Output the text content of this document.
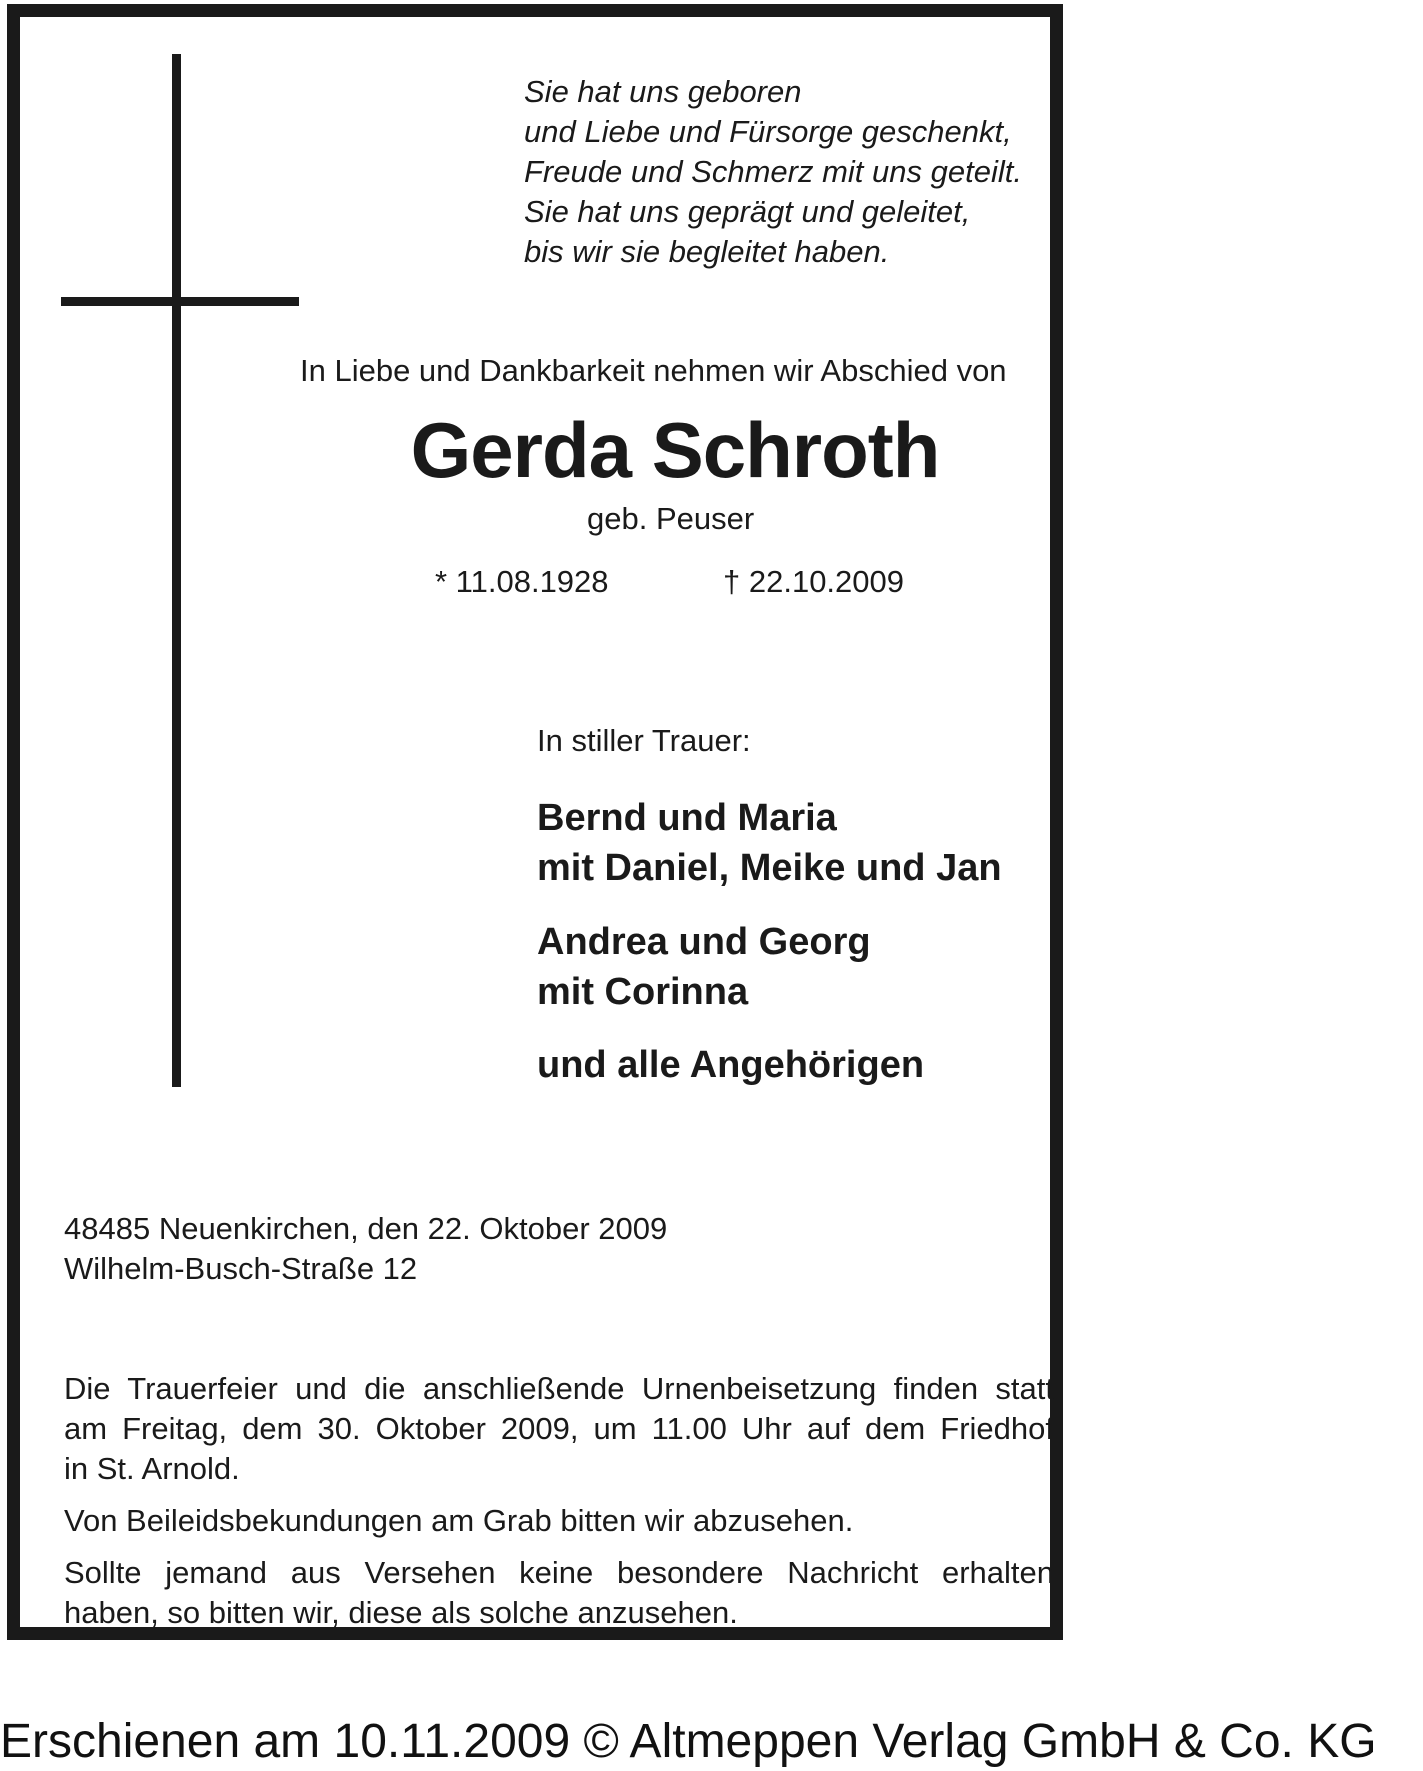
Sie hat uns geboren
und Liebe und Fürsorge geschenkt,
Freude und Schmerz mit uns geteilt.
Sie hat uns geprägt und geleitet,
bis wir sie begleitet haben.
In Liebe und Dankbarkeit nehmen wir Abschied von
Gerda Schroth
geb. Peuser
* 11.08.1928	† 22.10.2009
In stiller Trauer:
Bernd und Maria
mit Daniel, Meike und Jan
Andrea und Georg
mit Corinna
und alle Angehörigen
48485 Neuenkirchen, den 22. Oktober 2009
Wilhelm-Busch-Straße 12
Die Trauerfeier und die anschließende Urnenbeisetzung finden statt
am Freitag, dem 30. Oktober 2009, um 11.00 Uhr auf dem Friedhof
in St. Arnold.
Von Beileidsbekundungen am Grab bitten wir abzusehen.
Sollte jemand aus Versehen keine besondere Nachricht erhalten
haben, so bitten wir, diese als solche anzusehen.
Erschienen am 10.11.2009 © Altmeppen Verlag GmbH & Co. KG
